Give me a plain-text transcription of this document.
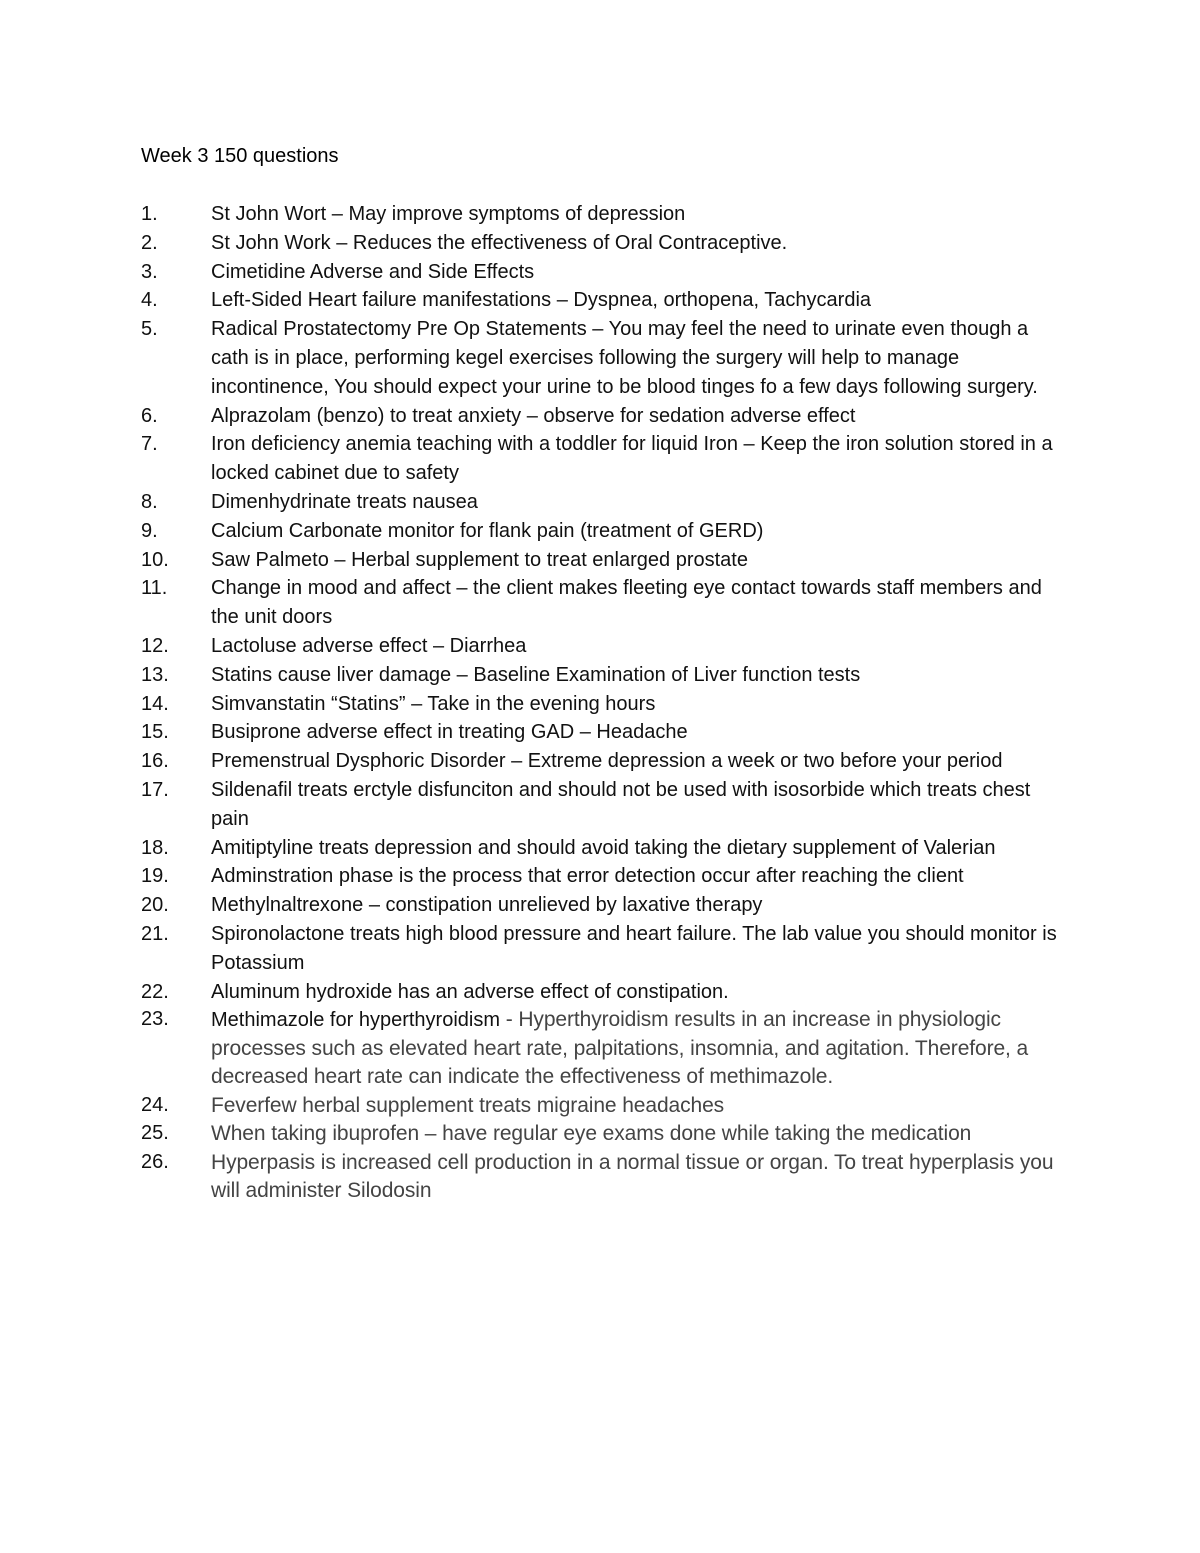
Week 3 150 questions
1.	St John Wort – May improve symptoms of depression
2.	St John Work – Reduces the effectiveness of Oral Contraceptive.
3.	Cimetidine Adverse and Side Effects
4.	Left-Sided Heart failure manifestations – Dyspnea, orthopena, Tachycardia
5.	Radical Prostatectomy Pre Op Statements – You may feel the need to urinate even though a cath is in place, performing kegel exercises following the surgery will help to manage incontinence, You should expect your urine to be blood tinges fo a few days following surgery.
6.	Alprazolam (benzo) to treat anxiety – observe for sedation adverse effect
7.	Iron deficiency anemia teaching with a toddler for liquid Iron – Keep the iron solution stored in a locked cabinet due to safety
8.	Dimenhydrinate treats nausea
9.	Calcium Carbonate monitor for flank pain (treatment of GERD)
10.	Saw Palmeto – Herbal supplement to treat enlarged prostate
11.	Change in mood and affect – the client makes fleeting eye contact towards staff members and the unit doors
12.	Lactoluse adverse effect – Diarrhea
13.	Statins cause liver damage – Baseline Examination of Liver function tests
14.	Simvanstatin “Statins” – Take in the evening hours
15.	Busiprone adverse effect in treating GAD – Headache
16.	Premenstrual Dysphoric Disorder – Extreme depression a week or two before your period
17.	Sildenafil treats erctyle disfunciton and should not be used with isosorbide which treats chest pain
18.	Amitiptyline treats depression and should avoid taking the dietary supplement of Valerian
19.	Adminstration phase is the process that error detection occur after reaching the client
20.	Methylnaltrexone – constipation unrelieved by laxative therapy
21.	Spironolactone treats high blood pressure and heart failure. The lab value you should monitor is Potassium
22.	Aluminum hydroxide has an adverse effect of constipation.
23.	Methimazole for hyperthyroidism - Hyperthyroidism results in an increase in physiologic processes such as elevated heart rate, palpitations, insomnia, and agitation. Therefore, a decreased heart rate can indicate the effectiveness of methimazole.
24.	Feverfew herbal supplement treats migraine headaches
25.	When taking ibuprofen – have regular eye exams done while taking the medication
26.	Hyperpasis is increased cell production in a normal tissue or organ. To treat hyperplasis you will administer Silodosin
